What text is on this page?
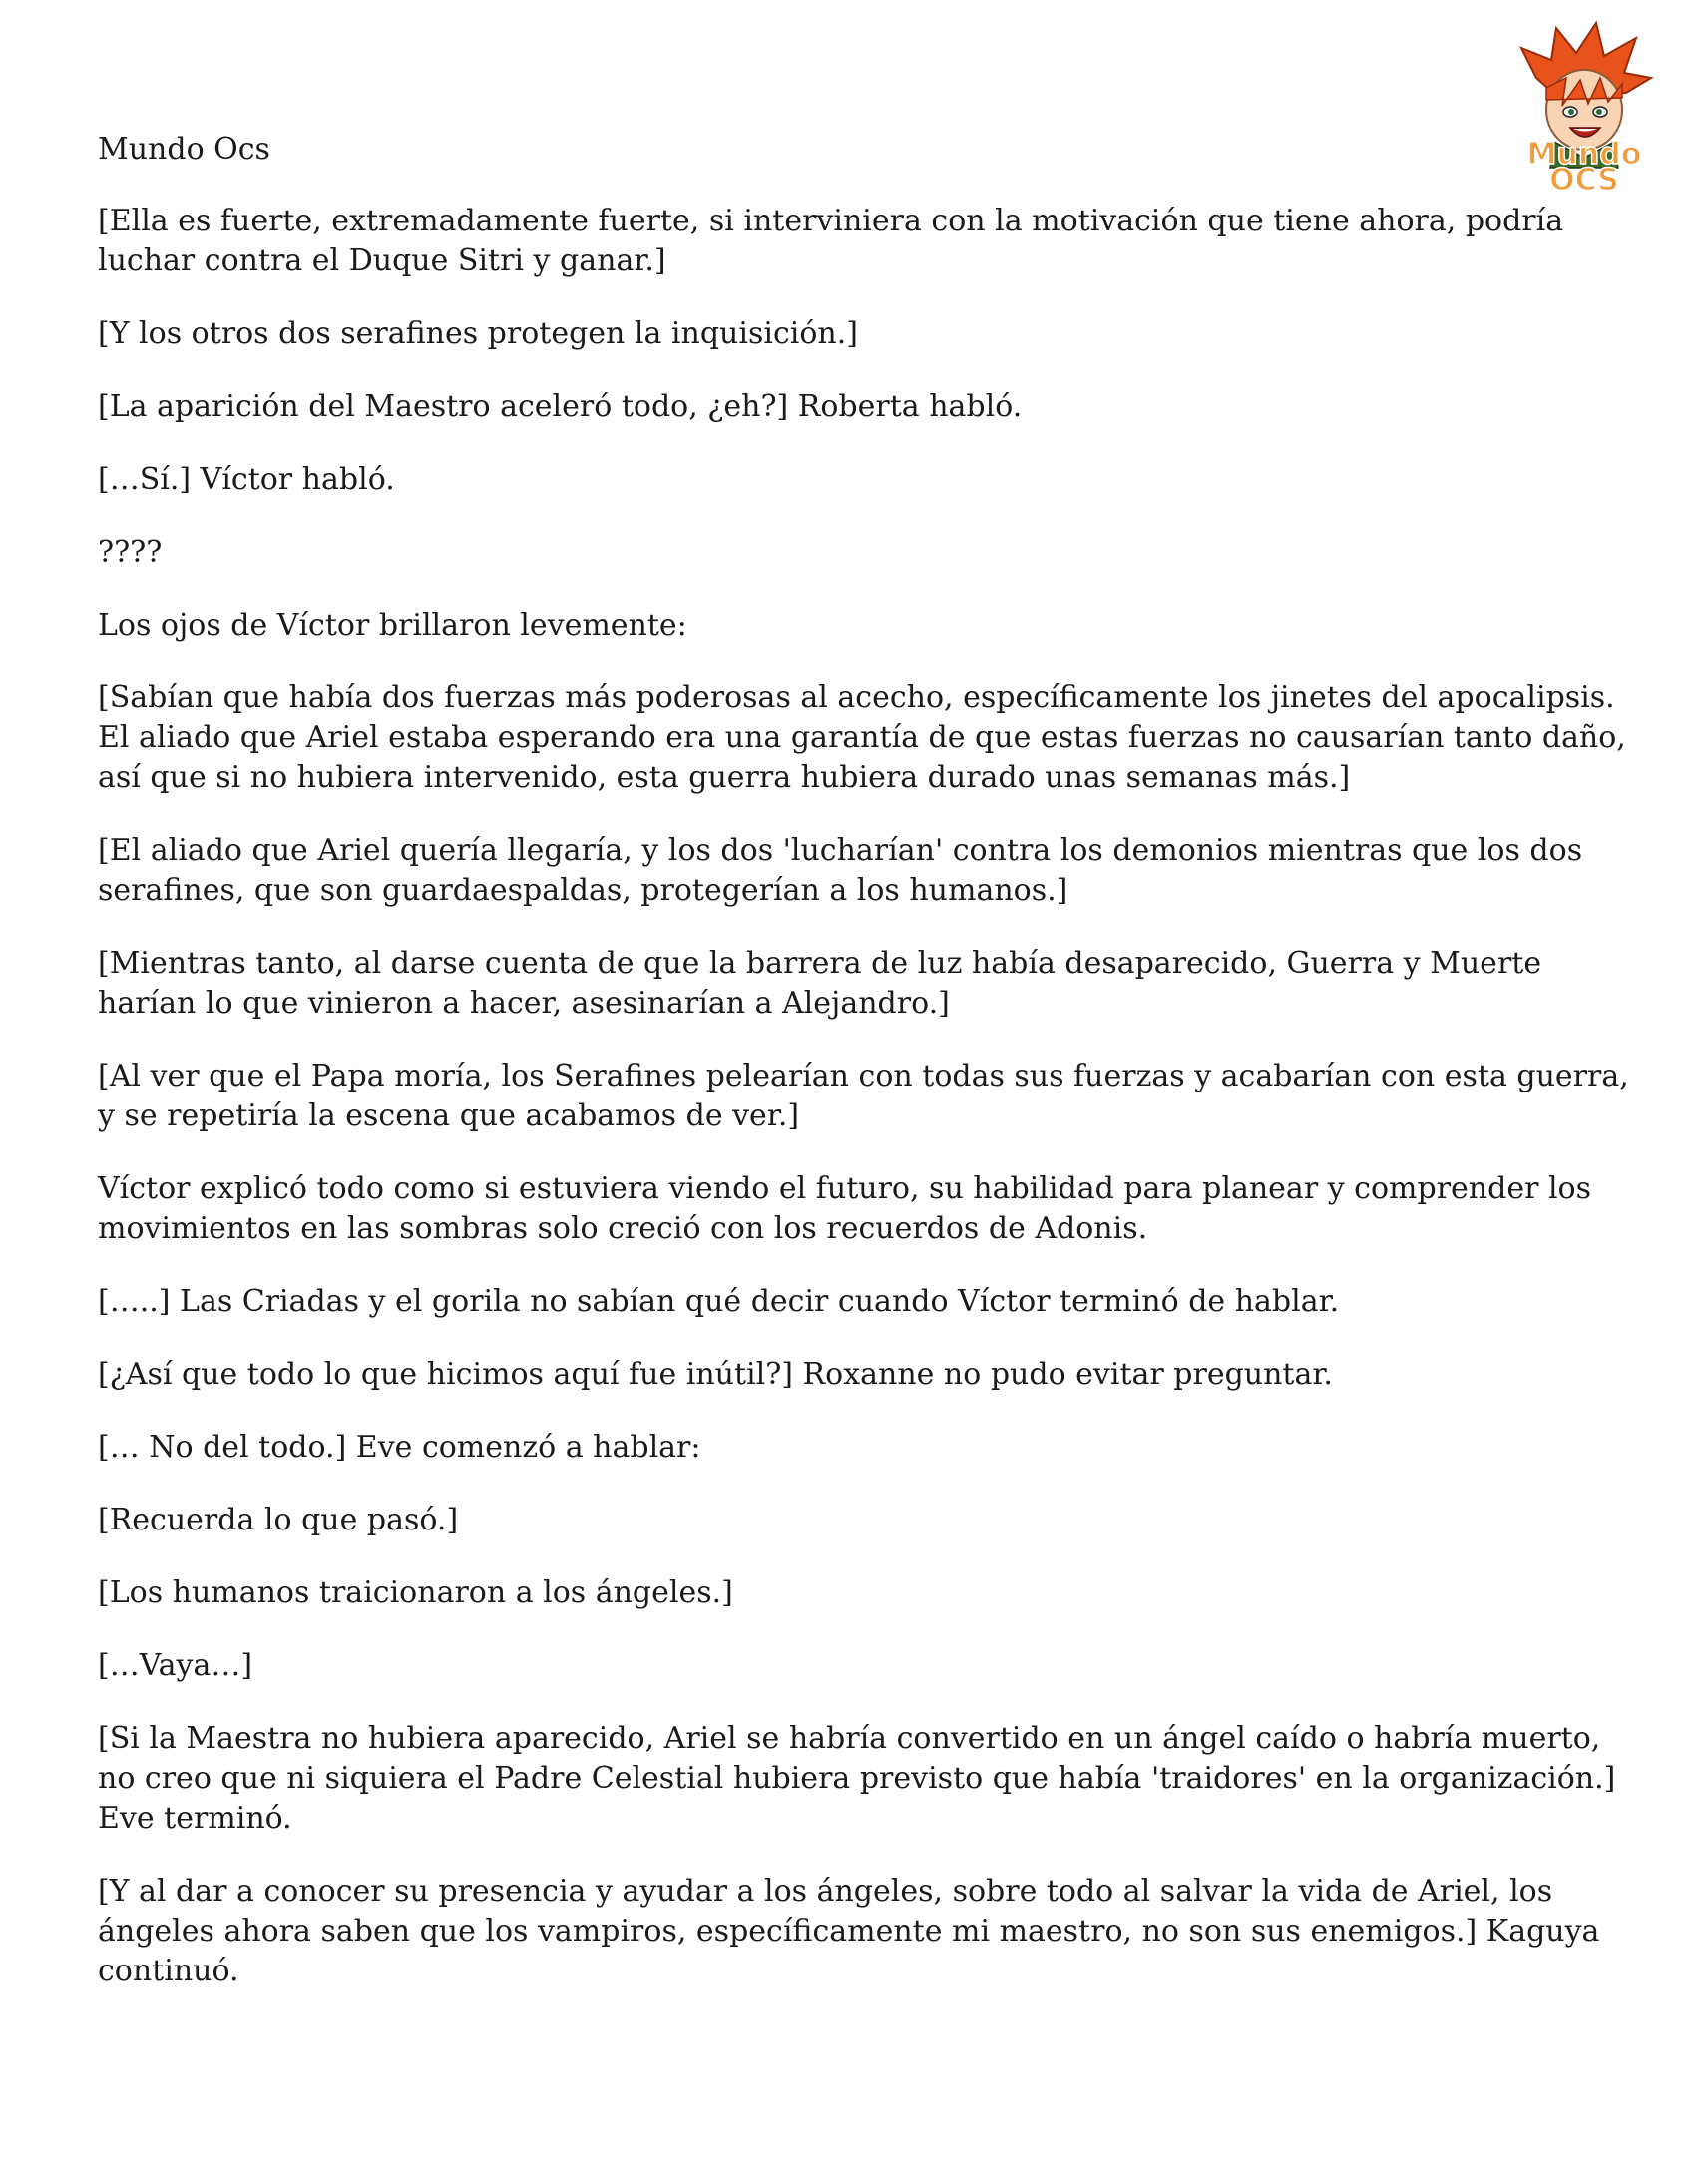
Mundo
OCS

Mundo Ocs

[Ella es fuerte, extremadamente fuerte, si interviniera con la motivación que tiene ahora, podría luchar contra el Duque Sitri y ganar.]

[Y los otros dos serafines protegen la inquisición.]

[La aparición del Maestro aceleró todo, ¿eh?] Roberta habló.

[…Sí.] Víctor habló.

????

Los ojos de Víctor brillaron levemente:

[Sabían que había dos fuerzas más poderosas al acecho, específicamente los jinetes del apocalipsis. El aliado que Ariel estaba esperando era una garantía de que estas fuerzas no causarían tanto daño, así que si no hubiera intervenido, esta guerra hubiera durado unas semanas más.]

[El aliado que Ariel quería llegaría, y los dos 'lucharían' contra los demonios mientras que los dos serafines, que son guardaespaldas, protegerían a los humanos.]

[Mientras tanto, al darse cuenta de que la barrera de luz había desaparecido, Guerra y Muerte harían lo que vinieron a hacer, asesinarían a Alejandro.]

[Al ver que el Papa moría, los Serafines pelearían con todas sus fuerzas y acabarían con esta guerra, y se repetiría la escena que acabamos de ver.]

Víctor explicó todo como si estuviera viendo el futuro, su habilidad para planear y comprender los movimientos en las sombras solo creció con los recuerdos de Adonis.

[…..] Las Criadas y el gorila no sabían qué decir cuando Víctor terminó de hablar.

[¿Así que todo lo que hicimos aquí fue inútil?] Roxanne no pudo evitar preguntar.

[… No del todo.] Eve comenzó a hablar:

[Recuerda lo que pasó.]

[Los humanos traicionaron a los ángeles.]

[…Vaya…]

[Si la Maestra no hubiera aparecido, Ariel se habría convertido en un ángel caído o habría muerto, no creo que ni siquiera el Padre Celestial hubiera previsto que había 'traidores' en la organización.] Eve terminó.

[Y al dar a conocer su presencia y ayudar a los ángeles, sobre todo al salvar la vida de Ariel, los ángeles ahora saben que los vampiros, específicamente mi maestro, no son sus enemigos.] Kaguya continuó.
